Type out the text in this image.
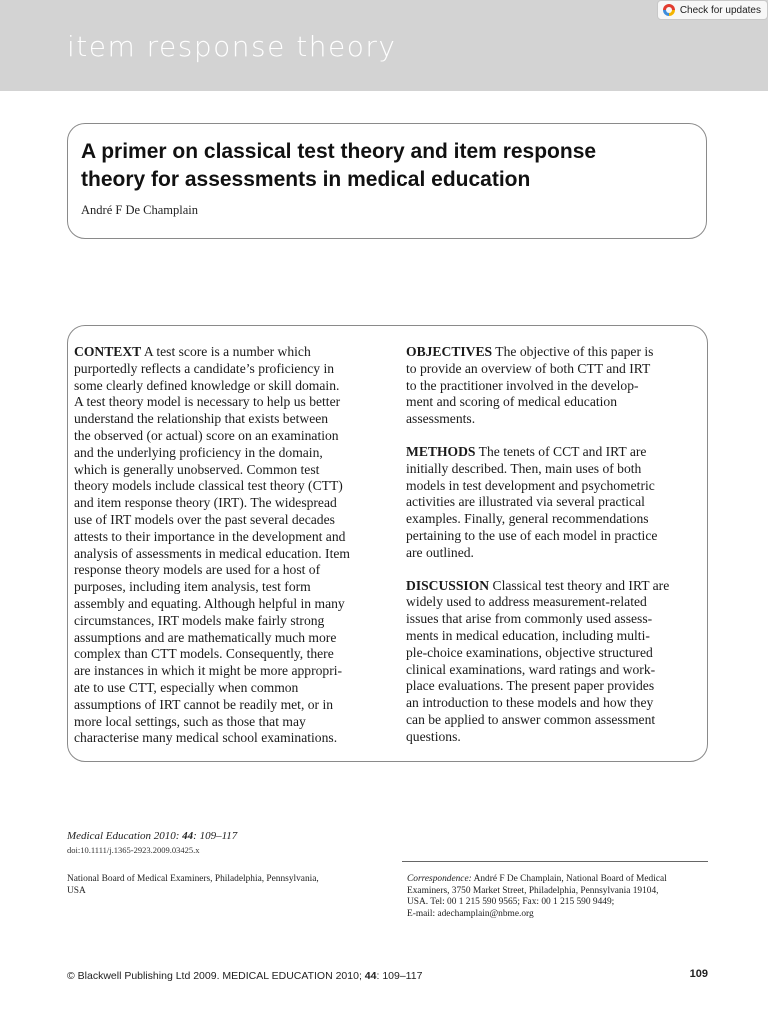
item response theory
Check for updates
A primer on classical test theory and item response
theory for assessments in medical education
André F De Champlain

CONTEXT A test score is a number which
purportedly reflects a candidate’s proficiency in
some clearly defined knowledge or skill domain.
A test theory model is necessary to help us better
understand the relationship that exists between
the observed (or actual) score on an examination
and the underlying proficiency in the domain,
which is generally unobserved. Common test
theory models include classical test theory (CTT)
and item response theory (IRT). The widespread
use of IRT models over the past several decades
attests to their importance in the development and
analysis of assessments in medical education. Item
response theory models are used for a host of
purposes, including item analysis, test form
assembly and equating. Although helpful in many
circumstances, IRT models make fairly strong
assumptions and are mathematically much more
complex than CTT models. Consequently, there
are instances in which it might be more appropri-
ate to use CTT, especially when common
assumptions of IRT cannot be readily met, or in
more local settings, such as those that may
characterise many medical school examinations.

OBJECTIVES The objective of this paper is
to provide an overview of both CTT and IRT
to the practitioner involved in the develop-
ment and scoring of medical education
assessments.

METHODS The tenets of CCT and IRT are
initially described. Then, main uses of both
models in test development and psychometric
activities are illustrated via several practical
examples. Finally, general recommendations
pertaining to the use of each model in practice
are outlined.

DISCUSSION Classical test theory and IRT are
widely used to address measurement-related
issues that arise from commonly used assess-
ments in medical education, including multi-
ple-choice examinations, objective structured
clinical examinations, ward ratings and work-
place evaluations. The present paper provides
an introduction to these models and how they
can be applied to answer common assessment
questions.

Medical Education 2010: 44: 109–117
doi:10.1111/j.1365-2923.2009.03425.x
National Board of Medical Examiners, Philadelphia, Pennsylvania,
USA
Correspondence: André F De Champlain, National Board of Medical
Examiners, 3750 Market Street, Philadelphia, Pennsylvania 19104,
USA. Tel: 00 1 215 590 9565; Fax: 00 1 215 590 9449;
E-mail: adechamplain@nbme.org
© Blackwell Publishing Ltd 2009. MEDICAL EDUCATION 2010; 44: 109–117	109
